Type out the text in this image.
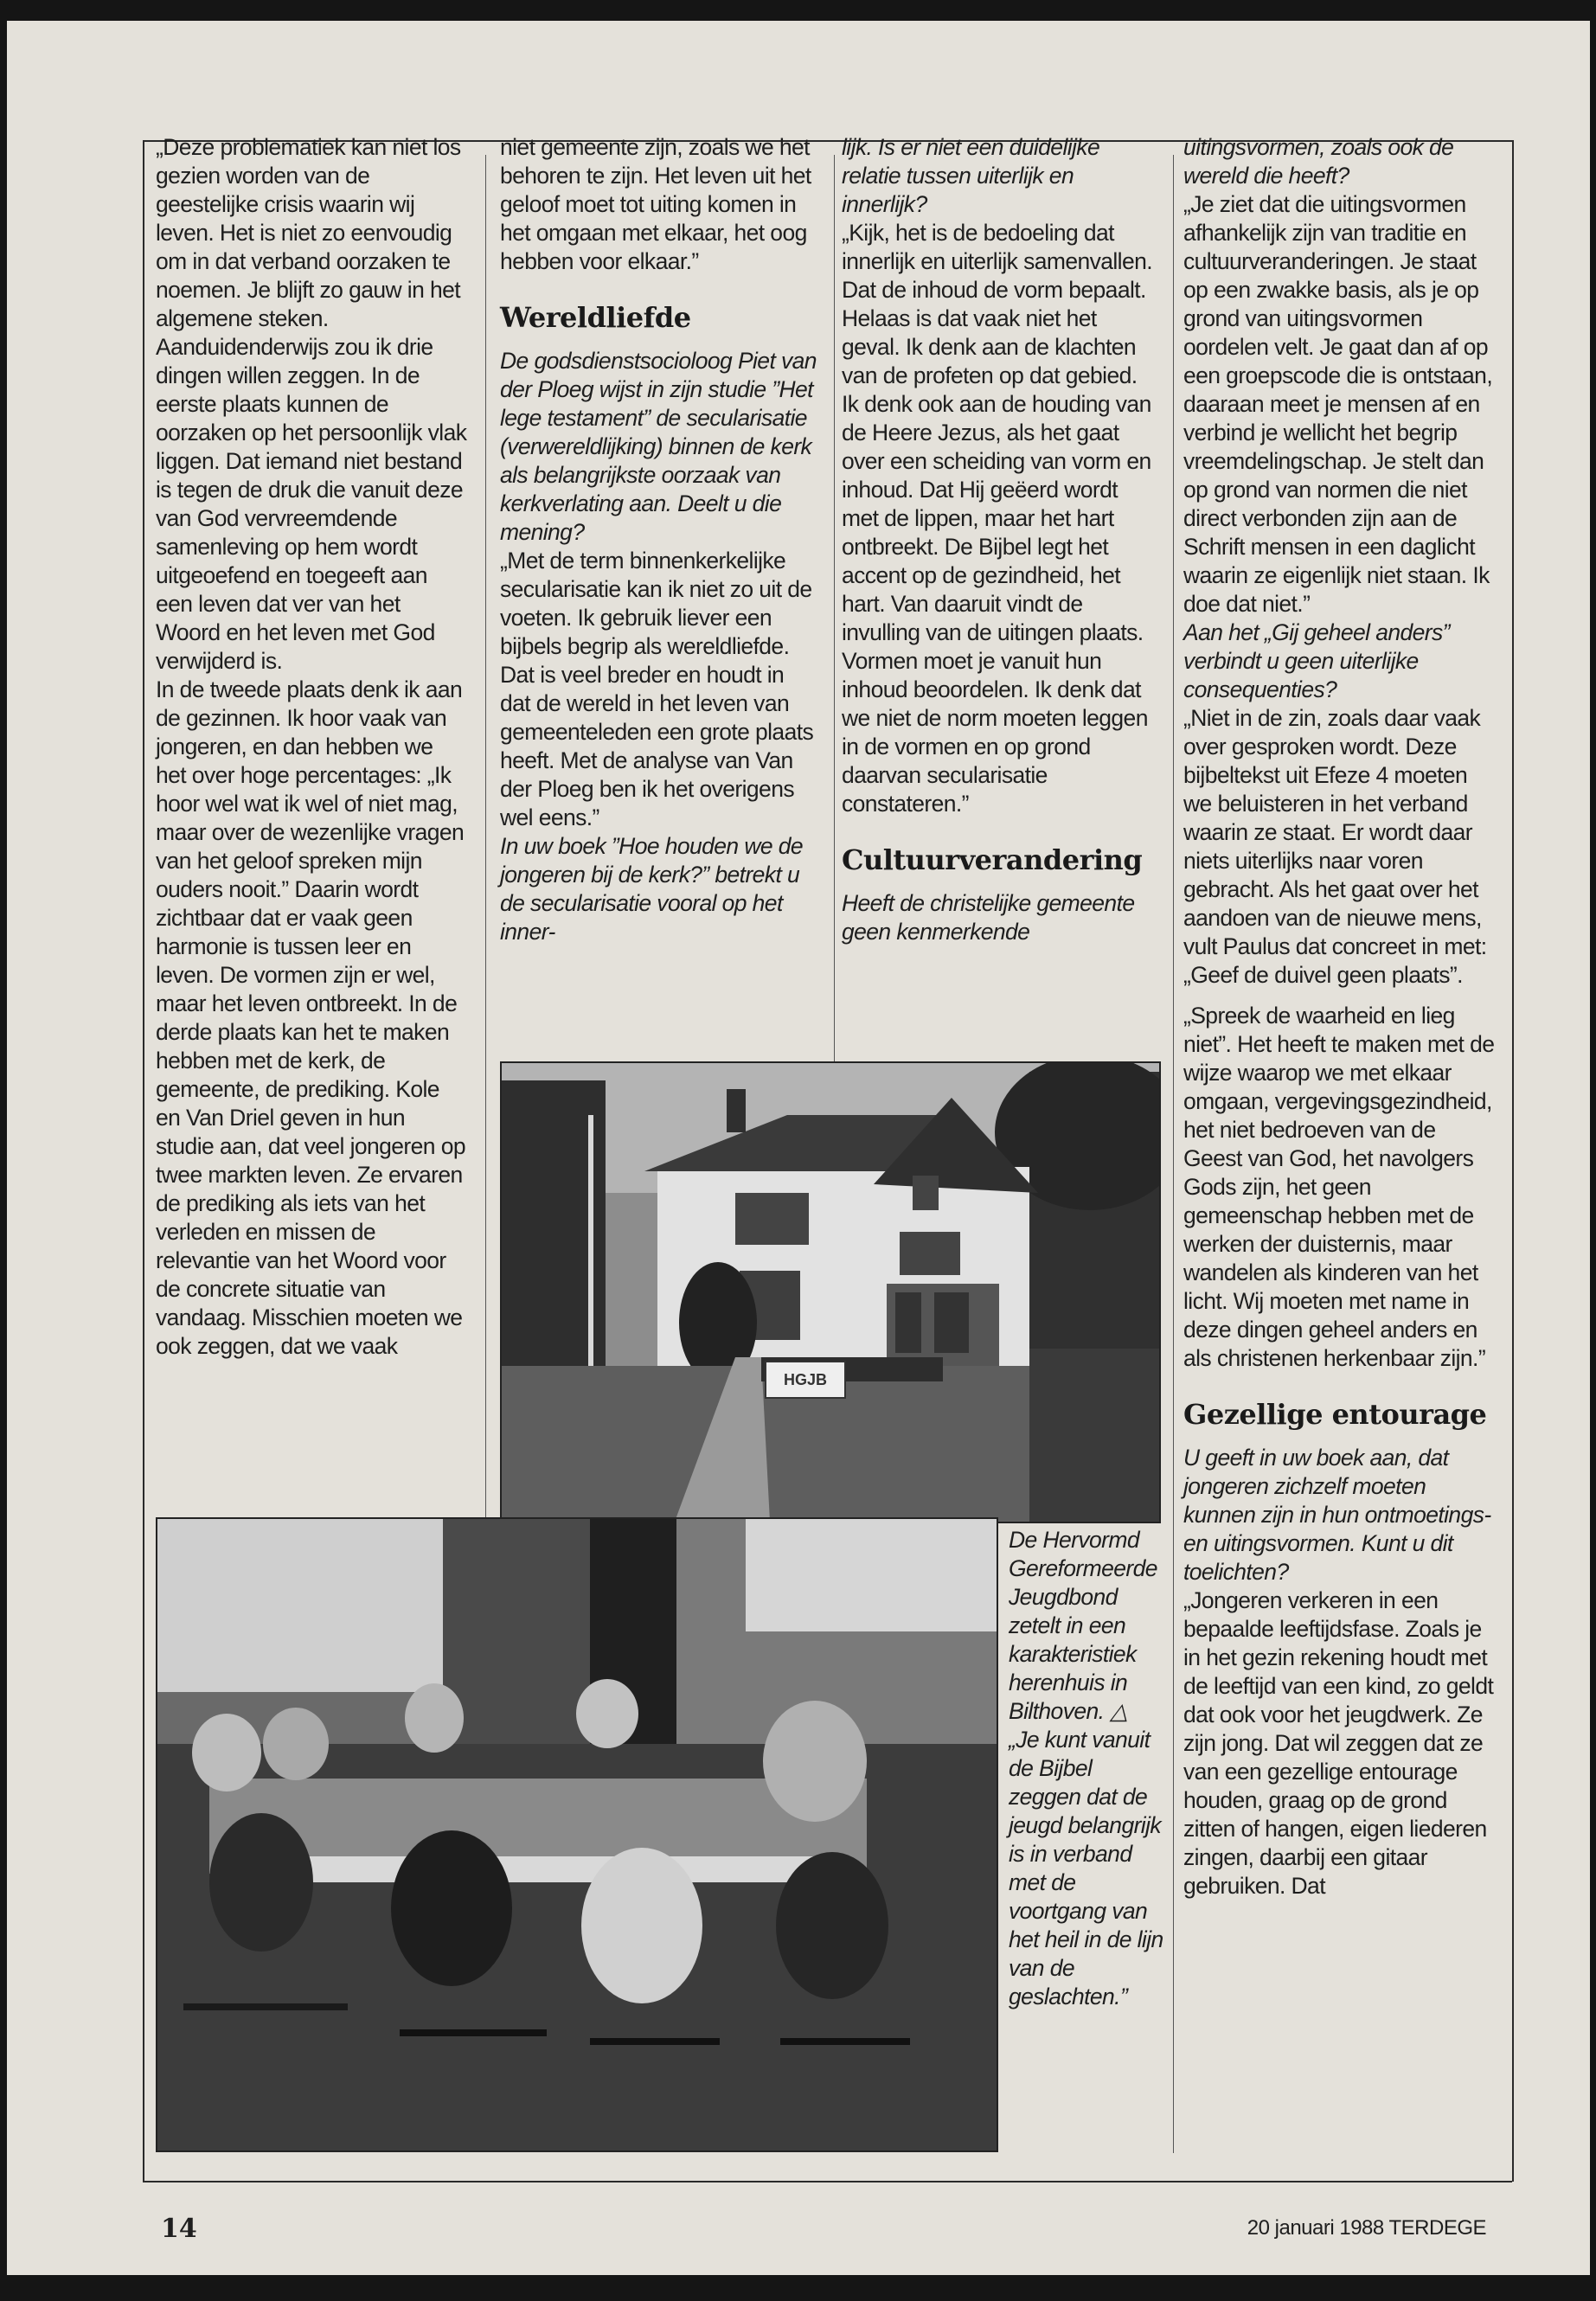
„Deze problematiek kan niet los gezien worden van de geestelijke crisis waarin wij leven. Het is niet zo eenvoudig om in dat verband oorzaken te noemen. Je blijft zo gauw in het algemene steken. Aanduidenderwijs zou ik drie dingen willen zeggen. In de eerste plaats kunnen de oorzaken op het persoonlijk vlak liggen. Dat iemand niet bestand is tegen de druk die vanuit deze van God vervreemdende samenleving op hem wordt uitgeoefend en toegeeft aan een leven dat ver van het Woord en het leven met God verwijderd is.

In de tweede plaats denk ik aan de gezinnen. Ik hoor vaak van jongeren, en dan hebben we het over hoge percentages: „Ik hoor wel wat ik wel of niet mag, maar over de wezenlijke vragen van het geloof spreken mijn ouders nooit.” Daarin wordt zichtbaar dat er vaak geen harmonie is tussen leer en leven. De vormen zijn er wel, maar het leven ontbreekt. In de derde plaats kan het te maken hebben met de kerk, de gemeente, de prediking. Kole en Van Driel geven in hun studie aan, dat veel jongeren op twee markten leven. Ze ervaren de prediking als iets van het verleden en missen de relevantie van het Woord voor de concrete situatie van vandaag. Misschien moeten we ook zeggen, dat we vaak

niet gemeente zijn, zoals we het behoren te zijn. Het leven uit het geloof moet tot uiting komen in het omgaan met elkaar, het oog hebben voor elkaar.”

Wereldliefde

De godsdienstsocioloog Piet van der Ploeg wijst in zijn studie ”Het lege testament” de secularisatie (verwereldlijking) binnen de kerk als belangrijkste oorzaak van kerkverlating aan. Deelt u die mening?

„Met de term binnenkerkelijke secularisatie kan ik niet zo uit de voeten. Ik gebruik liever een bijbels begrip als wereldliefde. Dat is veel breder en houdt in dat de wereld in het leven van gemeenteleden een grote plaats heeft. Met de analyse van Van der Ploeg ben ik het overigens wel eens.”

In uw boek ”Hoe houden we de jongeren bij de kerk?” betrekt u de secularisatie vooral op het inner-

lijk. Is er niet een duidelijke relatie tussen uiterlijk en innerlijk?

„Kijk, het is de bedoeling dat innerlijk en uiterlijk samenvallen. Dat de inhoud de vorm bepaalt. Helaas is dat vaak niet het geval. Ik denk aan de klachten van de profeten op dat gebied. Ik denk ook aan de houding van de Heere Jezus, als het gaat over een scheiding van vorm en inhoud. Dat Hij geëerd wordt met de lippen, maar het hart ontbreekt. De Bijbel legt het accent op de gezindheid, het hart. Van daaruit vindt de invulling van de uitingen plaats. Vormen moet je vanuit hun inhoud beoordelen. Ik denk dat we niet de norm moeten leggen in de vormen en op grond daarvan secularisatie constateren.”

Cultuurverandering

Heeft de christelijke gemeente geen kenmerkende

uitingsvormen, zoals ook de wereld die heeft?

„Je ziet dat die uitingsvormen afhankelijk zijn van traditie en cultuurveranderingen. Je staat op een zwakke basis, als je op grond van uitingsvormen oordelen velt. Je gaat dan af op een groepscode die is ontstaan, daaraan meet je mensen af en verbind je wellicht het begrip vreemdelingschap. Je stelt dan op grond van normen die niet direct verbonden zijn aan de Schrift mensen in een daglicht waarin ze eigenlijk niet staan. Ik doe dat niet.”

Aan het „Gij geheel anders” verbindt u geen uiterlijke consequenties?

„Niet in de zin, zoals daar vaak over gesproken wordt. Deze bijbeltekst uit Efeze 4 moeten we beluisteren in het verband waarin ze staat. Er wordt daar niets uiterlijks naar voren gebracht. Als het gaat over het aandoen van de nieuwe mens, vult Paulus dat concreet in met: „Geef de duivel geen plaats”.

„Spreek de waarheid en lieg niet”. Het heeft te maken met de wijze waarop we met elkaar omgaan, vergevingsgezindheid, het niet bedroeven van de Geest van God, het navolgers Gods zijn, het geen gemeenschap hebben met de werken der duisternis, maar wandelen als kinderen van het licht. Wij moeten met name in deze dingen geheel anders en als christenen herkenbaar zijn.”

Gezellige entourage

U geeft in uw boek aan, dat jongeren zichzelf moeten kunnen zijn in hun ontmoetings- en uitingsvormen. Kunt u dit toelichten?

„Jongeren verkeren in een bepaalde leeftijdsfase. Zoals je in het gezin rekening houdt met de leeftijd van een kind, zo geldt dat ook voor het jeugdwerk. Ze zijn jong. Dat wil zeggen dat ze van een gezellige entourage houden, graag op de grond zitten of hangen, eigen liederen zingen, daarbij een gitaar gebruiken. Dat

HGJB

De Hervormd Gereformeerde Jeugdbond zetelt in een karakteristiek herenhuis in Bilthoven. △

„Je kunt vanuit de Bijbel zeggen dat de jeugd belangrijk is in verband met de voortgang van het heil in de lijn van de geslachten.”

14	20 januari 1988 TERDEGE
